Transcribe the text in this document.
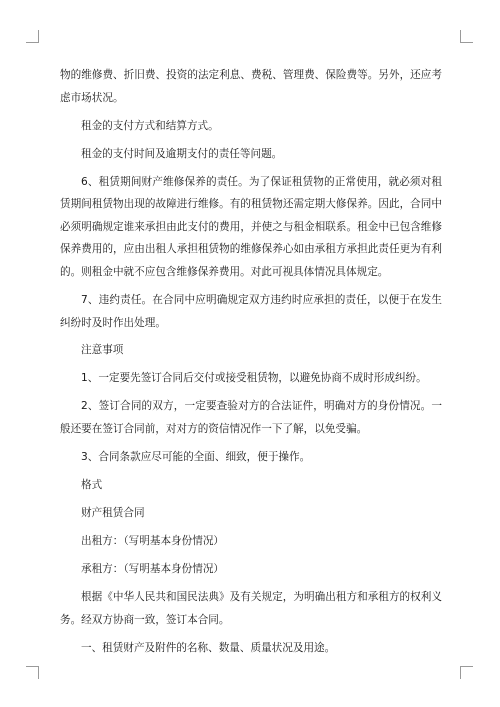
物的维修费、折旧费、投资的法定利息、费税、管理费、保险费等。另外，还应考虑市场状况。

租金的支付方式和结算方式。

租金的支付时间及逾期支付的责任等问题。

6、租赁期间财产维修保养的责任。为了保证租赁物的正常使用，就必须对租赁期间租赁物出现的故障进行维修。有的租赁物还需定期大修保养。因此，合同中必须明确规定谁来承担由此支付的费用，并使之与租金相联系。租金中已包含维修保养费用的，应由出租人承担租赁物的维修保养心如由承租方承担此责任更为有利的。则租金中就不应包含维修保养费用。对此可视具体情况具体规定。

7、违约责任。在合同中应明确规定双方违约时应承担的责任，以便于在发生纠纷时及时作出处理。

注意事项

1、一定要先签订合同后交付或接受租赁物，以避免协商不成时形成纠纷。

2、签订合同的双方，一定要查验对方的合法证件，明确对方的身份情况。一般还要在签订合同前，对对方的资信情况作一下了解，以免受骗。

3、合同条款应尽可能的全面、细致，便于操作。

格式

财产租赁合同

出租方：（写明基本身份情况）

承租方：（写明基本身份情况）

根据《中华人民共和国民法典》及有关规定，为明确出租方和承租方的权利义务。经双方协商一致，签订本合同。

一、租赁财产及附件的名称、数量、质量状况及用途。
